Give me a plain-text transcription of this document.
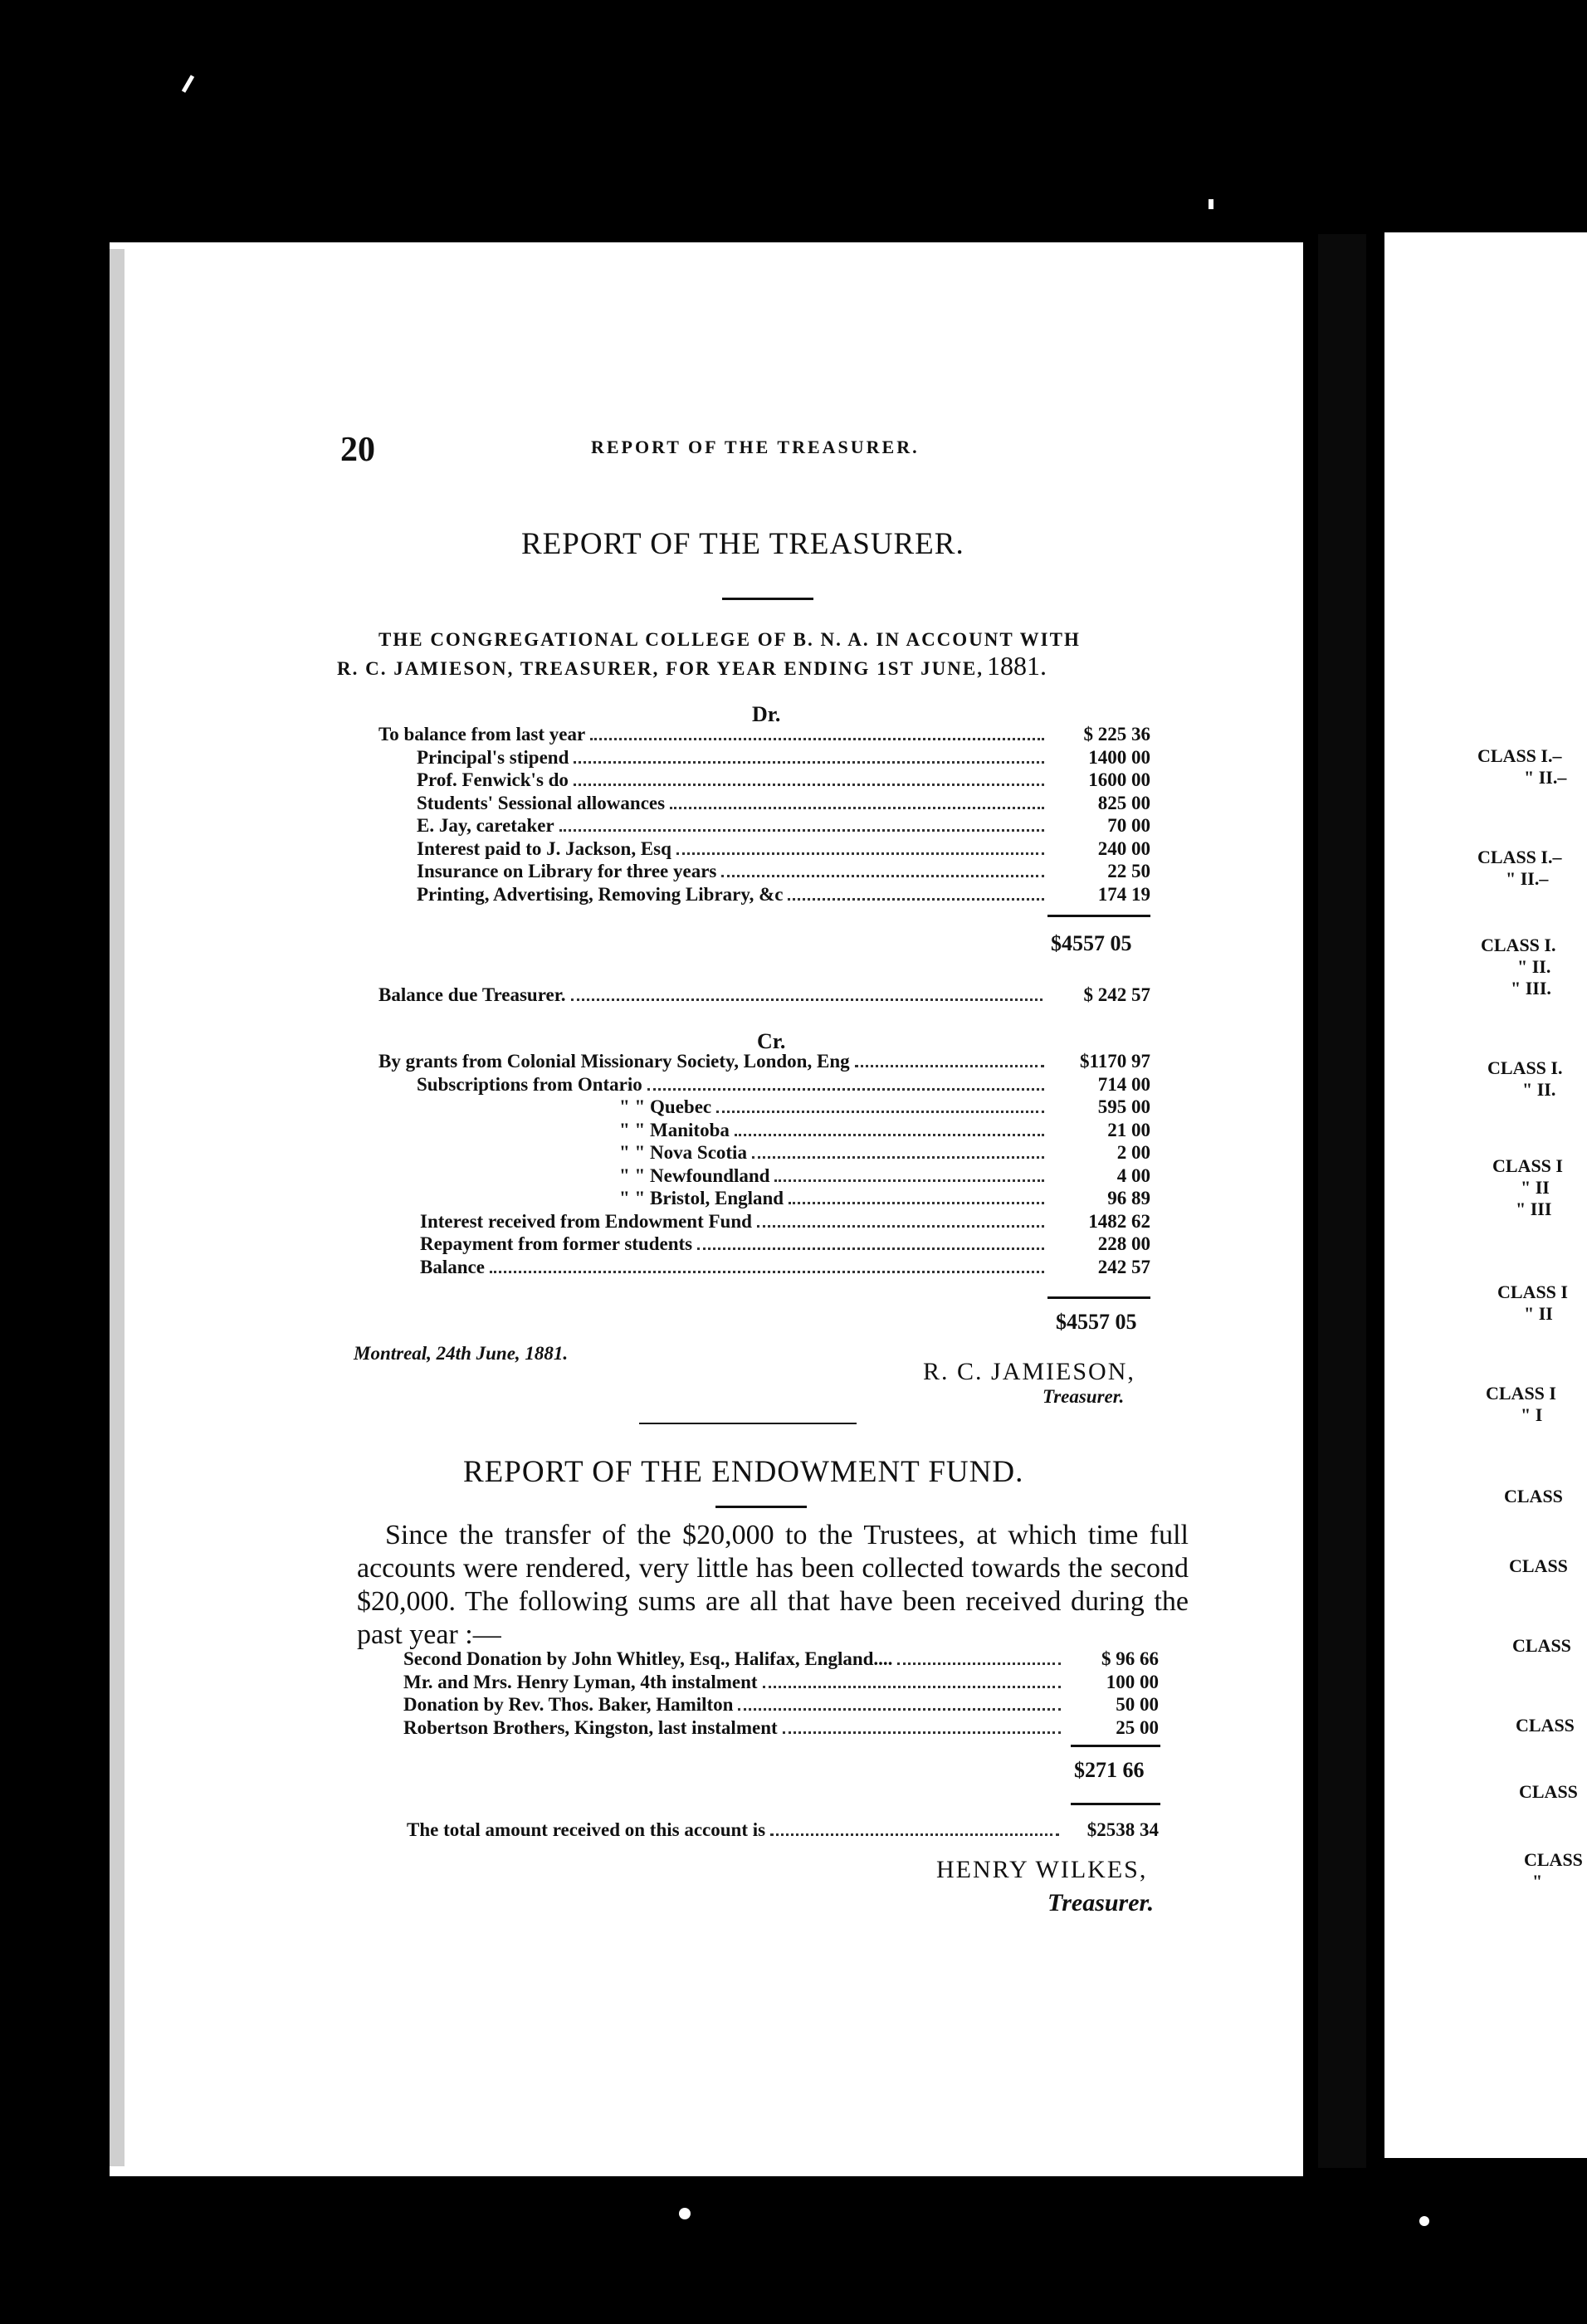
20	REPORT OF THE TREASURER.
REPORT OF THE TREASURER.
THE CONGREGATIONAL COLLEGE OF B. N. A. IN ACCOUNT WITH
R. C. JAMIESON, TREASURER, FOR YEAR ENDING 1ST JUNE, 1881.
Dr.
To balance from last year	$ 225 36
Principal's stipend	1400 00
Prof. Fenwick's do	1600 00
Students' Sessional allowances	825 00
E. Jay, caretaker	70 00
Interest paid to J. Jackson, Esq	240 00
Insurance on Library for three years	22 50
Printing, Advertising, Removing Library, &c	174 19
$4557 05
Balance due Treasurer.	$ 242 57
Cr.
By grants from Colonial Missionary Society, London, Eng	$1170 97
Subscriptions from Ontario	714 00
" " Quebec	595 00
" " Manitoba	21 00
" " Nova Scotia	2 00
" " Newfoundland	4 00
" " Bristol, England	96 89
Interest received from Endowment Fund	1482 62
Repayment from former students	228 00
Balance	242 57
$4557 05
Montreal, 24th June, 1881.
R. C. JAMIESON,
Treasurer.
REPORT OF THE ENDOWMENT FUND.
Since the transfer of the $20,000 to the Trustees, at which time full accounts were rendered, very little has been collected towards the second $20,000. The following sums are all that have been received during the past year :—
Second Donation by John Whitley, Esq., Halifax, England....	$ 96 66
Mr. and Mrs. Henry Lyman, 4th instalment	100 00
Donation by Rev. Thos. Baker, Hamilton	50 00
Robertson Brothers, Kingston, last instalment	25 00
$271 66
The total amount received on this account is	$2538 34
HENRY WILKES,
Treasurer.
CLASS I.–
" II.–
CLASS I.–
" II.–
CLASS I.
" II.
" III.
CLASS I.
" II.
CLASS I
" II
" III
CLASS I
" II
CLASS I
" I
CLASS
CLASS
CLASS
CLASS
CLASS
CLASS
"
